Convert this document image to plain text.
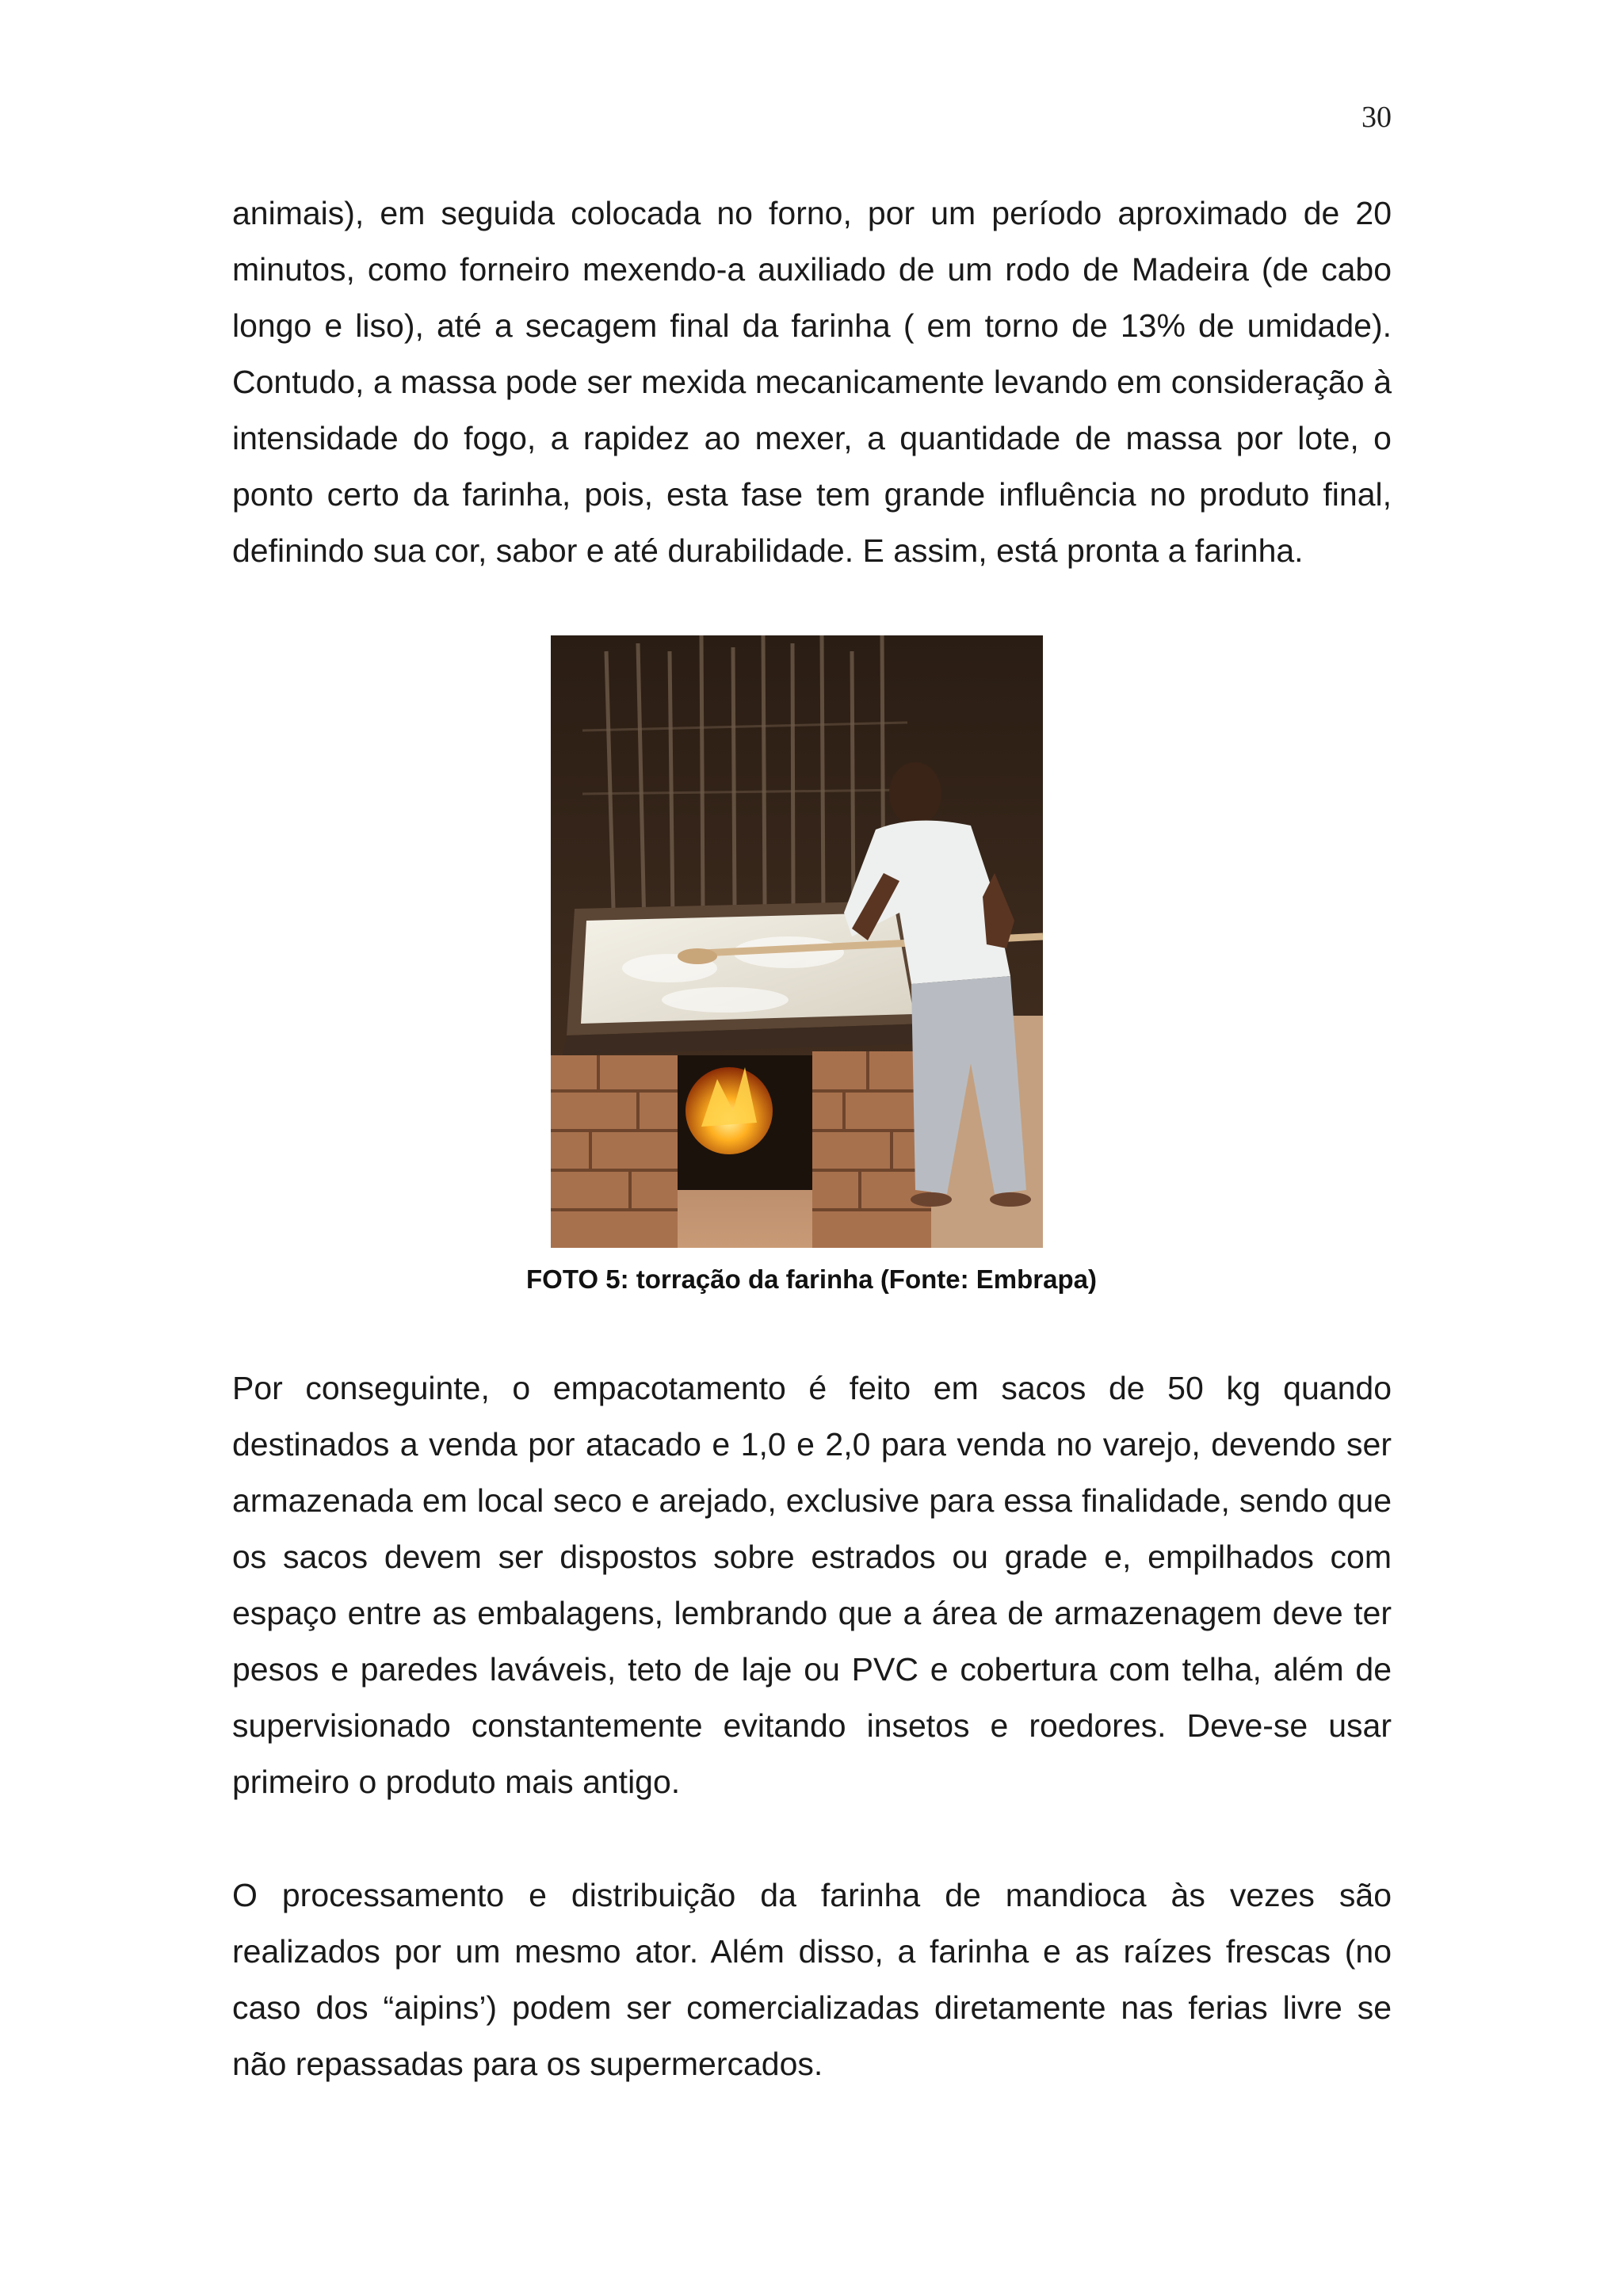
30

animais), em seguida colocada no forno, por um período aproximado de 20 minutos, como forneiro mexendo-a auxiliado de um rodo de Madeira (de cabo longo e liso), até a secagem final da farinha ( em torno de 13% de umidade). Contudo, a massa pode ser mexida mecanicamente levando em consideração à intensidade do fogo, a rapidez ao mexer, a quantidade de massa por lote, o ponto certo da farinha, pois, esta fase tem grande influência no produto final, definindo sua cor, sabor e até durabilidade. E assim, está pronta a farinha.

FOTO 5: torração da farinha (Fonte: Embrapa)

Por conseguinte, o empacotamento é feito em sacos de 50 kg quando destinados a venda por atacado e 1,0 e 2,0 para venda no varejo, devendo ser armazenada em local seco e arejado, exclusive para essa finalidade, sendo que os sacos devem ser dispostos sobre estrados ou grade e, empilhados com espaço entre as embalagens, lembrando que a área de armazenagem deve ter pesos e paredes laváveis, teto de laje ou PVC e cobertura com telha, além de supervisionado constantemente evitando insetos e roedores. Deve-se usar primeiro o produto mais antigo.

O processamento e distribuição da farinha de mandioca às vezes são realizados por um mesmo ator. Além disso, a farinha e as raízes frescas (no caso dos “aipins’) podem ser comercializadas diretamente nas ferias livre se não repassadas para os supermercados.
